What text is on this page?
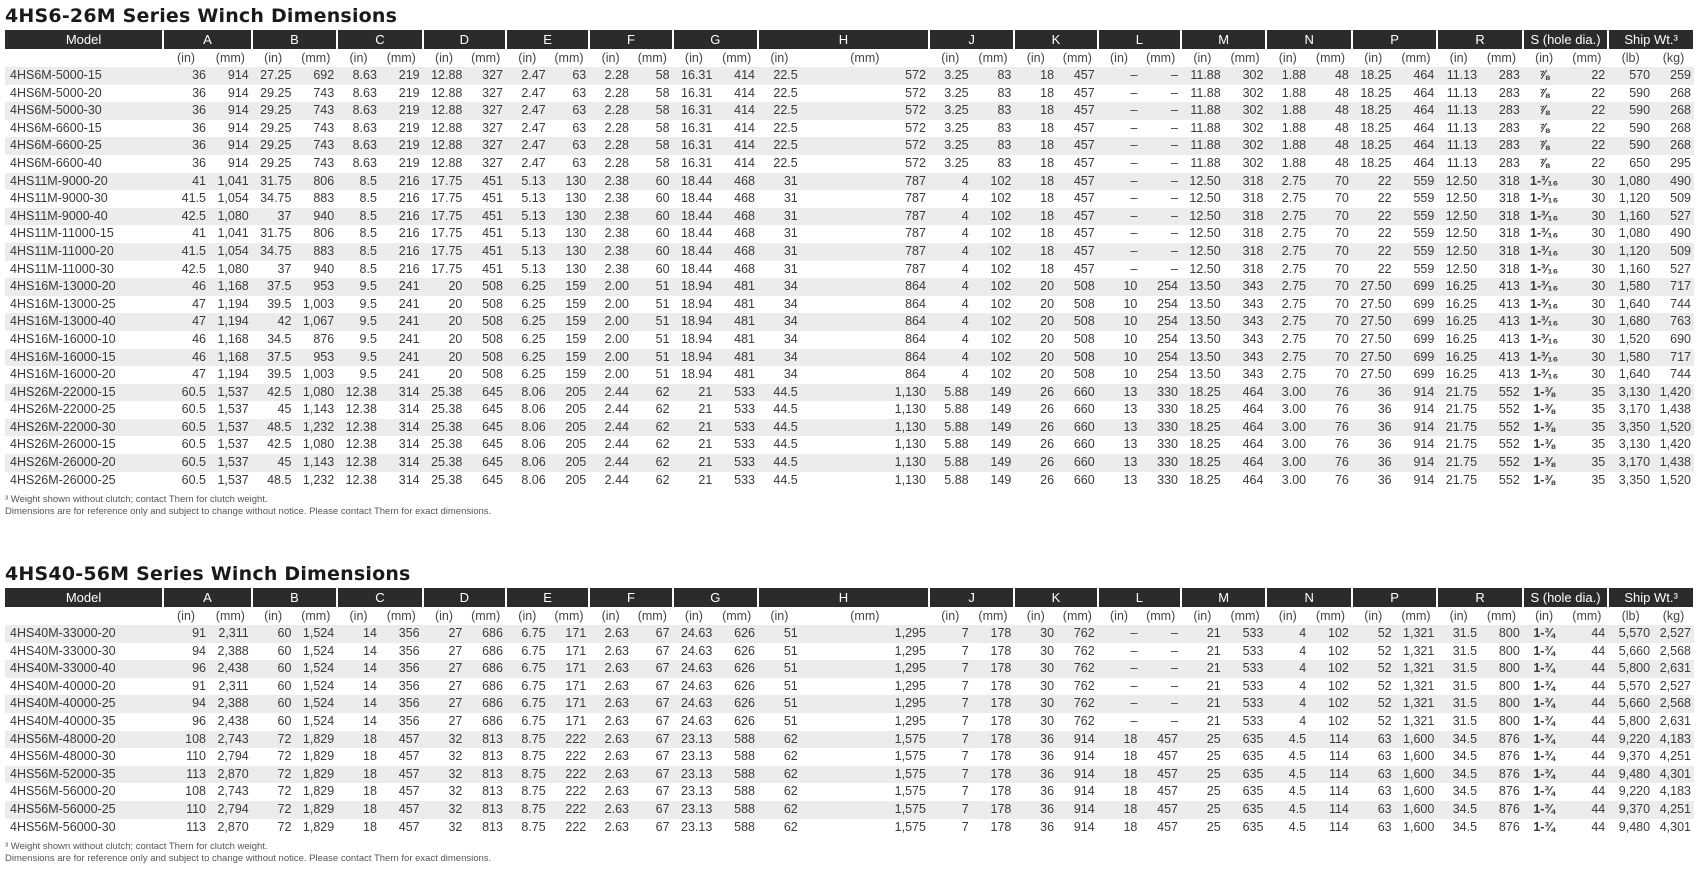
4HS6-26M Series Winch Dimensions
Model	A		B		C		D		E		F		G		H		J		K		L		M		N		P		R		S (hole dia.)		Ship Wt.³	
	(in)	(mm)	(in)	(mm)	(in)	(mm)	(in)	(mm)	(in)	(mm)	(in)	(mm)	(in)	(mm)	(in)	(mm)	(in)	(mm)	(in)	(mm)	(in)	(mm)	(in)	(mm)	(in)	(mm)	(in)	(mm)	(in)	(mm)	(in)	(mm)	(lb)	(kg)
4HS6M-5000-15	36	914	27.25	692	8.63	219	12.88	327	2.47	63	2.28	58	16.31	414	22.5	572	3.25	83	18	457	–	–	11.88	302	1.88	48	18.25	464	11.13	283	⅞	22	570	259
4HS6M-5000-20	36	914	29.25	743	8.63	219	12.88	327	2.47	63	2.28	58	16.31	414	22.5	572	3.25	83	18	457	–	–	11.88	302	1.88	48	18.25	464	11.13	283	⅞	22	590	268
4HS6M-5000-30	36	914	29.25	743	8.63	219	12.88	327	2.47	63	2.28	58	16.31	414	22.5	572	3.25	83	18	457	–	–	11.88	302	1.88	48	18.25	464	11.13	283	⅞	22	590	268
4HS6M-6600-15	36	914	29.25	743	8.63	219	12.88	327	2.47	63	2.28	58	16.31	414	22.5	572	3.25	83	18	457	–	–	11.88	302	1.88	48	18.25	464	11.13	283	⅞	22	590	268
4HS6M-6600-25	36	914	29.25	743	8.63	219	12.88	327	2.47	63	2.28	58	16.31	414	22.5	572	3.25	83	18	457	–	–	11.88	302	1.88	48	18.25	464	11.13	283	⅞	22	590	268
4HS6M-6600-40	36	914	29.25	743	8.63	219	12.88	327	2.47	63	2.28	58	16.31	414	22.5	572	3.25	83	18	457	–	–	11.88	302	1.88	48	18.25	464	11.13	283	⅞	22	650	295
4HS11M-9000-20	41	1,041	31.75	806	8.5	216	17.75	451	5.13	130	2.38	60	18.44	468	31	787	4	102	18	457	–	–	12.50	318	2.75	70	22	559	12.50	318	1-³⁄₁₆	30	1,080	490
4HS11M-9000-30	41.5	1,054	34.75	883	8.5	216	17.75	451	5.13	130	2.38	60	18.44	468	31	787	4	102	18	457	–	–	12.50	318	2.75	70	22	559	12.50	318	1-³⁄₁₆	30	1,120	509
4HS11M-9000-40	42.5	1,080	37	940	8.5	216	17.75	451	5.13	130	2.38	60	18.44	468	31	787	4	102	18	457	–	–	12.50	318	2.75	70	22	559	12.50	318	1-³⁄₁₆	30	1,160	527
4HS11M-11000-15	41	1,041	31.75	806	8.5	216	17.75	451	5.13	130	2.38	60	18.44	468	31	787	4	102	18	457	–	–	12.50	318	2.75	70	22	559	12.50	318	1-³⁄₁₆	30	1,080	490
4HS11M-11000-20	41.5	1,054	34.75	883	8.5	216	17.75	451	5.13	130	2.38	60	18.44	468	31	787	4	102	18	457	–	–	12.50	318	2.75	70	22	559	12.50	318	1-³⁄₁₆	30	1,120	509
4HS11M-11000-30	42.5	1,080	37	940	8.5	216	17.75	451	5.13	130	2.38	60	18.44	468	31	787	4	102	18	457	–	–	12.50	318	2.75	70	22	559	12.50	318	1-³⁄₁₆	30	1,160	527
4HS16M-13000-20	46	1,168	37.5	953	9.5	241	20	508	6.25	159	2.00	51	18.94	481	34	864	4	102	20	508	10	254	13.50	343	2.75	70	27.50	699	16.25	413	1-³⁄₁₆	30	1,580	717
4HS16M-13000-25	47	1,194	39.5	1,003	9.5	241	20	508	6.25	159	2.00	51	18.94	481	34	864	4	102	20	508	10	254	13.50	343	2.75	70	27.50	699	16.25	413	1-³⁄₁₆	30	1,640	744
4HS16M-13000-40	47	1,194	42	1,067	9.5	241	20	508	6.25	159	2.00	51	18.94	481	34	864	4	102	20	508	10	254	13.50	343	2.75	70	27.50	699	16.25	413	1-³⁄₁₆	30	1,680	763
4HS16M-16000-10	46	1,168	34.5	876	9.5	241	20	508	6.25	159	2.00	51	18.94	481	34	864	4	102	20	508	10	254	13.50	343	2.75	70	27.50	699	16.25	413	1-³⁄₁₆	30	1,520	690
4HS16M-16000-15	46	1,168	37.5	953	9.5	241	20	508	6.25	159	2.00	51	18.94	481	34	864	4	102	20	508	10	254	13.50	343	2.75	70	27.50	699	16.25	413	1-³⁄₁₆	30	1,580	717
4HS16M-16000-20	47	1,194	39.5	1,003	9.5	241	20	508	6.25	159	2.00	51	18.94	481	34	864	4	102	20	508	10	254	13.50	343	2.75	70	27.50	699	16.25	413	1-³⁄₁₆	30	1,640	744
4HS26M-22000-15	60.5	1,537	42.5	1,080	12.38	314	25.38	645	8.06	205	2.44	62	21	533	44.5	1,130	5.88	149	26	660	13	330	18.25	464	3.00	76	36	914	21.75	552	1-⅜	35	3,130	1,420
4HS26M-22000-25	60.5	1,537	45	1,143	12.38	314	25.38	645	8.06	205	2.44	62	21	533	44.5	1,130	5.88	149	26	660	13	330	18.25	464	3.00	76	36	914	21.75	552	1-⅜	35	3,170	1,438
4HS26M-22000-30	60.5	1,537	48.5	1,232	12.38	314	25.38	645	8.06	205	2.44	62	21	533	44.5	1,130	5.88	149	26	660	13	330	18.25	464	3.00	76	36	914	21.75	552	1-⅜	35	3,350	1,520
4HS26M-26000-15	60.5	1,537	42.5	1,080	12.38	314	25.38	645	8.06	205	2.44	62	21	533	44.5	1,130	5.88	149	26	660	13	330	18.25	464	3.00	76	36	914	21.75	552	1-⅜	35	3,130	1,420
4HS26M-26000-20	60.5	1,537	45	1,143	12.38	314	25.38	645	8.06	205	2.44	62	21	533	44.5	1,130	5.88	149	26	660	13	330	18.25	464	3.00	76	36	914	21.75	552	1-⅜	35	3,170	1,438
4HS26M-26000-25	60.5	1,537	48.5	1,232	12.38	314	25.38	645	8.06	205	2.44	62	21	533	44.5	1,130	5.88	149	26	660	13	330	18.25	464	3.00	76	36	914	21.75	552	1-⅜	35	3,350	1,520
³ Weight shown without clutch; contact Thern for clutch weight.
Dimensions are for reference only and subject to change without notice. Please contact Thern for exact dimensions.
4HS40-56M Series Winch Dimensions
Model	A		B		C		D		E		F		G		H		J		K		L		M		N		P		R		S (hole dia.)		Ship Wt.³	
	(in)	(mm)	(in)	(mm)	(in)	(mm)	(in)	(mm)	(in)	(mm)	(in)	(mm)	(in)	(mm)	(in)	(mm)	(in)	(mm)	(in)	(mm)	(in)	(mm)	(in)	(mm)	(in)	(mm)	(in)	(mm)	(in)	(mm)	(in)	(mm)	(lb)	(kg)
4HS40M-33000-20	91	2,311	60	1,524	14	356	27	686	6.75	171	2.63	67	24.63	626	51	1,295	7	178	30	762	–	–	21	533	4	102	52	1,321	31.5	800	1-¾	44	5,570	2,527
4HS40M-33000-30	94	2,388	60	1,524	14	356	27	686	6.75	171	2.63	67	24.63	626	51	1,295	7	178	30	762	–	–	21	533	4	102	52	1,321	31.5	800	1-¾	44	5,660	2,568
4HS40M-33000-40	96	2,438	60	1,524	14	356	27	686	6.75	171	2.63	67	24.63	626	51	1,295	7	178	30	762	–	–	21	533	4	102	52	1,321	31.5	800	1-¾	44	5,800	2,631
4HS40M-40000-20	91	2,311	60	1,524	14	356	27	686	6.75	171	2.63	67	24.63	626	51	1,295	7	178	30	762	–	–	21	533	4	102	52	1,321	31.5	800	1-¾	44	5,570	2,527
4HS40M-40000-25	94	2,388	60	1,524	14	356	27	686	6.75	171	2.63	67	24.63	626	51	1,295	7	178	30	762	–	–	21	533	4	102	52	1,321	31.5	800	1-¾	44	5,660	2,568
4HS40M-40000-35	96	2,438	60	1,524	14	356	27	686	6.75	171	2.63	67	24.63	626	51	1,295	7	178	30	762	–	–	21	533	4	102	52	1,321	31.5	800	1-¾	44	5,800	2,631
4HS56M-48000-20	108	2,743	72	1,829	18	457	32	813	8.75	222	2.63	67	23.13	588	62	1,575	7	178	36	914	18	457	25	635	4.5	114	63	1,600	34.5	876	1-¾	44	9,220	4,183
4HS56M-48000-30	110	2,794	72	1,829	18	457	32	813	8.75	222	2.63	67	23.13	588	62	1,575	7	178	36	914	18	457	25	635	4.5	114	63	1,600	34.5	876	1-¾	44	9,370	4,251
4HS56M-52000-35	113	2,870	72	1,829	18	457	32	813	8.75	222	2.63	67	23.13	588	62	1,575	7	178	36	914	18	457	25	635	4.5	114	63	1,600	34.5	876	1-¾	44	9,480	4,301
4HS56M-56000-20	108	2,743	72	1,829	18	457	32	813	8.75	222	2.63	67	23.13	588	62	1,575	7	178	36	914	18	457	25	635	4.5	114	63	1,600	34.5	876	1-¾	44	9,220	4,183
4HS56M-56000-25	110	2,794	72	1,829	18	457	32	813	8.75	222	2.63	67	23.13	588	62	1,575	7	178	36	914	18	457	25	635	4.5	114	63	1,600	34.5	876	1-¾	44	9,370	4,251
4HS56M-56000-30	113	2,870	72	1,829	18	457	32	813	8.75	222	2.63	67	23.13	588	62	1,575	7	178	36	914	18	457	25	635	4.5	114	63	1,600	34.5	876	1-¾	44	9,480	4,301
³ Weight shown without clutch; contact Thern for clutch weight.
Dimensions are for reference only and subject to change without notice. Please contact Thern for exact dimensions.
